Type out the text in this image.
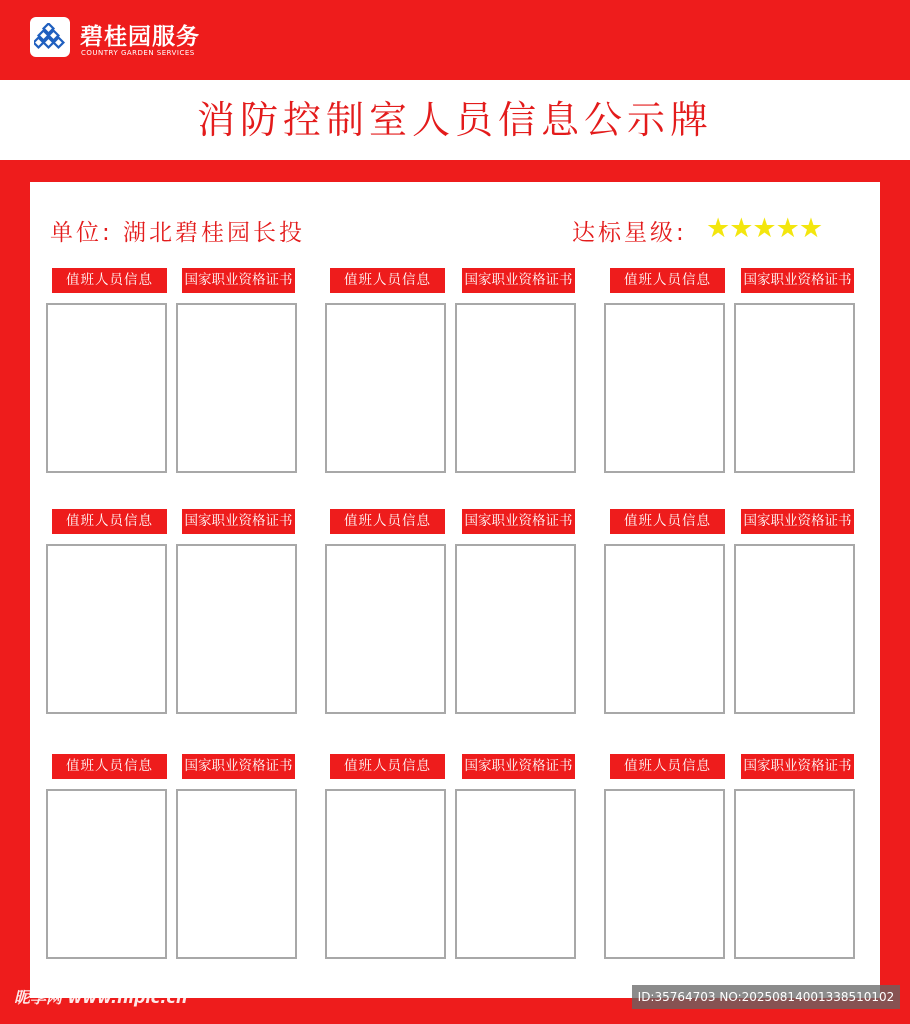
碧桂园服务
COUNTRY GARDEN SERVICES
消防控制室人员信息公示牌
单位: 湖北碧桂园长投	达标星级: ★★★★★
值班人员信息	国家职业资格证书	值班人员信息	国家职业资格证书	值班人员信息	国家职业资格证书
值班人员信息	国家职业资格证书	值班人员信息	国家职业资格证书	值班人员信息	国家职业资格证书
值班人员信息	国家职业资格证书	值班人员信息	国家职业资格证书	值班人员信息	国家职业资格证书
昵享网 www.nipic.cn	ID:35764703 NO:20250814001338510102
